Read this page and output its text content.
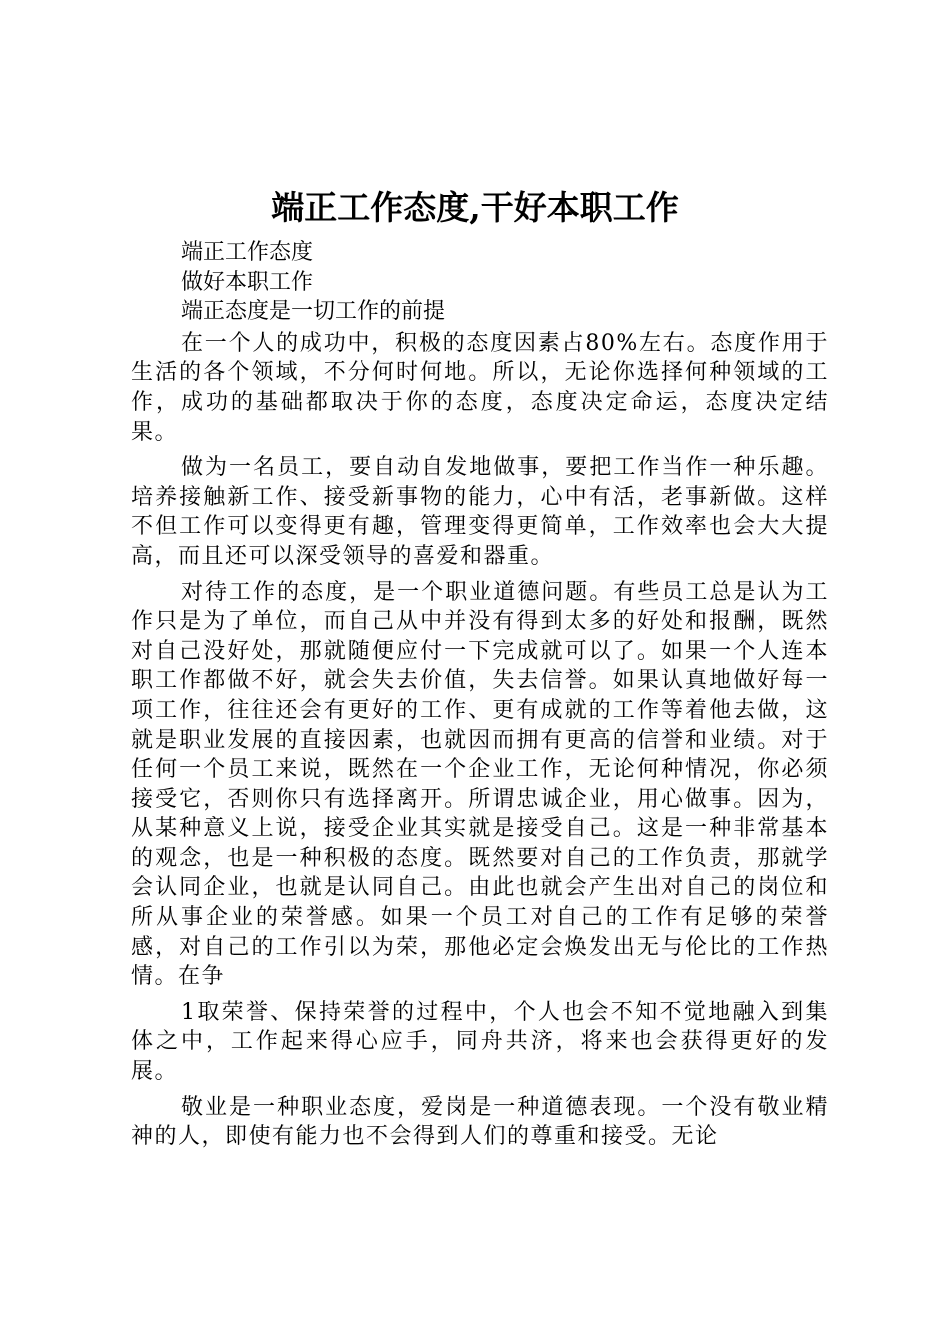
端正工作态度,干好本职工作

端正工作态度

做好本职工作

端正态度是一切工作的前提

在一个人的成功中，积极的态度因素占80%左右。态度作用于生活的各个领域，不分何时何地。所以，无论你选择何种领域的工作，成功的基础都取决于你的态度，态度决定命运，态度决定结果。

做为一名员工，要自动自发地做事，要把工作当作一种乐趣。培养接触新工作、接受新事物的能力，心中有活，老事新做。这样不但工作可以变得更有趣，管理变得更简单，工作效率也会大大提高，而且还可以深受领导的喜爱和器重。

对待工作的态度，是一个职业道德问题。有些员工总是认为工作只是为了单位，而自己从中并没有得到太多的好处和报酬，既然对自己没好处，那就随便应付一下完成就可以了。如果一个人连本职工作都做不好，就会失去价值，失去信誉。如果认真地做好每一项工作，往往还会有更好的工作、更有成就的工作等着他去做，这就是职业发展的直接因素，也就因而拥有更高的信誉和业绩。对于任何一个员工来说，既然在一个企业工作，无论何种情况，你必须接受它，否则你只有选择离开。所谓忠诚企业，用心做事。因为，从某种意义上说，接受企业其实就是接受自己。这是一种非常基本的观念，也是一种积极的态度。既然要对自己的工作负责，那就学会认同企业，也就是认同自己。由此也就会产生出对自己的岗位和所从事企业的荣誉感。如果一个员工对自己的工作有足够的荣誉感，对自己的工作引以为荣，那他必定会焕发出无与伦比的工作热情。在争

1取荣誉、保持荣誉的过程中，个人也会不知不觉地融入到集体之中，工作起来得心应手，同舟共济，将来也会获得更好的发展。

敬业是一种职业态度，爱岗是一种道德表现。一个没有敬业精神的人，即使有能力也不会得到人们的尊重和接受。无论
